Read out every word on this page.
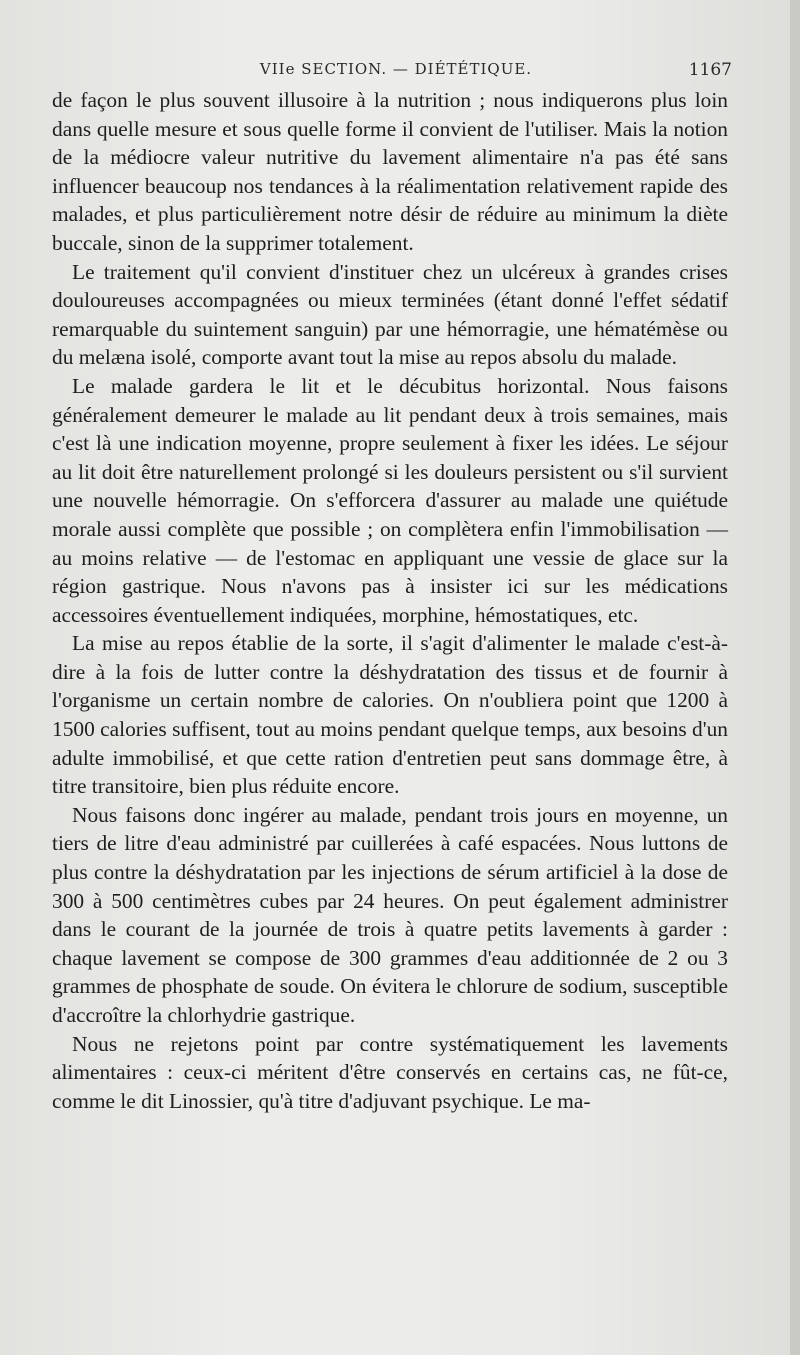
VIIe SECTION. — DIÉTÉTIQUE.	1167

de façon le plus souvent illusoire à la nutrition ; nous indiquerons plus loin dans quelle mesure et sous quelle forme il convient de l'utiliser. Mais la notion de la médiocre valeur nutritive du lavement alimentaire n'a pas été sans influencer beaucoup nos tendances à la réalimentation relativement rapide des malades, et plus particulièrement notre désir de réduire au minimum la diète buccale, sinon de la supprimer totalement.

Le traitement qu'il convient d'instituer chez un ulcéreux à grandes crises douloureuses accompagnées ou mieux terminées (étant donné l'effet sédatif remarquable du suintement sanguin) par une hémorragie, une hématémèse ou du melæna isolé, comporte avant tout la mise au repos absolu du malade.

Le malade gardera le lit et le décubitus horizontal. Nous faisons généralement demeurer le malade au lit pendant deux à trois semaines, mais c'est là une indication moyenne, propre seulement à fixer les idées. Le séjour au lit doit être naturellement prolongé si les douleurs persistent ou s'il survient une nouvelle hémorragie. On s'efforcera d'assurer au malade une quiétude morale aussi complète que possible ; on complètera enfin l'immobilisation — au moins relative — de l'estomac en appliquant une vessie de glace sur la région gastrique. Nous n'avons pas à insister ici sur les médications accessoires éventuellement indiquées, morphine, hémostatiques, etc.

La mise au repos établie de la sorte, il s'agit d'alimenter le malade c'est-à-dire à la fois de lutter contre la déshydratation des tissus et de fournir à l'organisme un certain nombre de calories. On n'oubliera point que 1200 à 1500 calories suffisent, tout au moins pendant quelque temps, aux besoins d'un adulte immobilisé, et que cette ration d'entretien peut sans dommage être, à titre transitoire, bien plus réduite encore.

Nous faisons donc ingérer au malade, pendant trois jours en moyenne, un tiers de litre d'eau administré par cuillerées à café espacées. Nous luttons de plus contre la déshydratation par les injections de sérum artificiel à la dose de 300 à 500 centimètres cubes par 24 heures. On peut également administrer dans le courant de la journée de trois à quatre petits lavements à garder : chaque lavement se compose de 300 grammes d'eau additionnée de 2 ou 3 grammes de phosphate de soude. On évitera le chlorure de sodium, susceptible d'accroître la chlorhydrie gastrique.

Nous ne rejetons point par contre systématiquement les lavements alimentaires : ceux-ci méritent d'être conservés en certains cas, ne fût-ce, comme le dit Linossier, qu'à titre d'adjuvant psychique. Le ma-
